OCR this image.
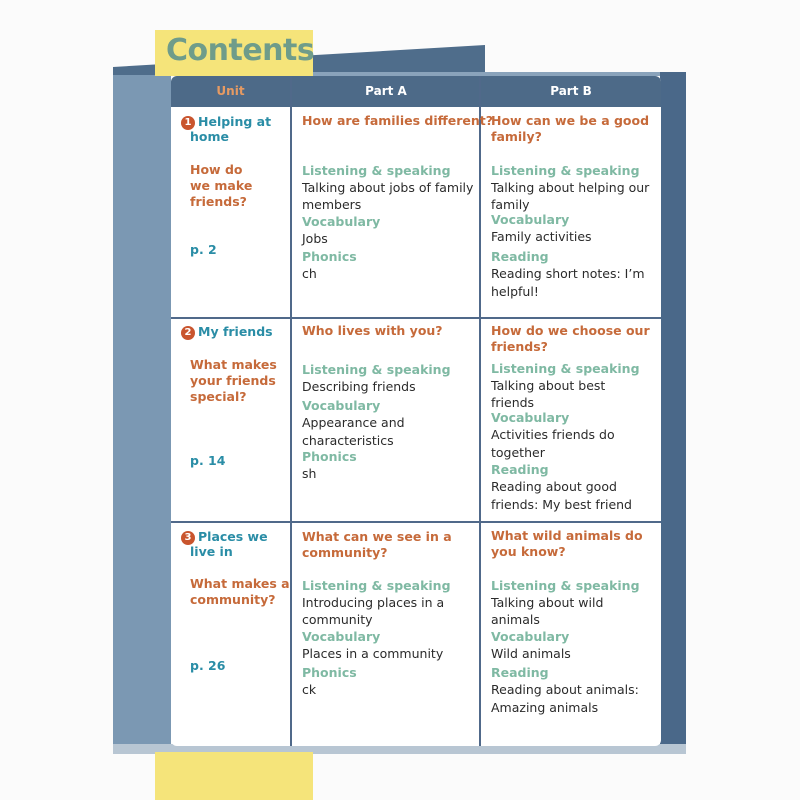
Contents
Unit	Part A	Part B
1 Helping at
home
How do
we make
friends?
p. 2
How are families different?
Listening & speaking
Talking about jobs of family
members
Vocabulary
Jobs
Phonics
ch
How can we be a good
family?
Listening & speaking
Talking about helping our
family
Vocabulary
Family activities
Reading
Reading short notes: I’m
helpful!
2 My friends
What makes
your friends
special?
p. 14
Who lives with you?
Listening & speaking
Describing friends
Vocabulary
Appearance and
characteristics
Phonics
sh
How do we choose our
friends?
Listening & speaking
Talking about best
friends
Vocabulary
Activities friends do
together
Reading
Reading about good
friends: My best friend
3 Places we
live in
What makes a
community?
p. 26
What can we see in a
community?
Listening & speaking
Introducing places in a
community
Vocabulary
Places in a community
Phonics
ck
What wild animals do
you know?
Listening & speaking
Talking about wild
animals
Vocabulary
Wild animals
Reading
Reading about animals:
Amazing animals
